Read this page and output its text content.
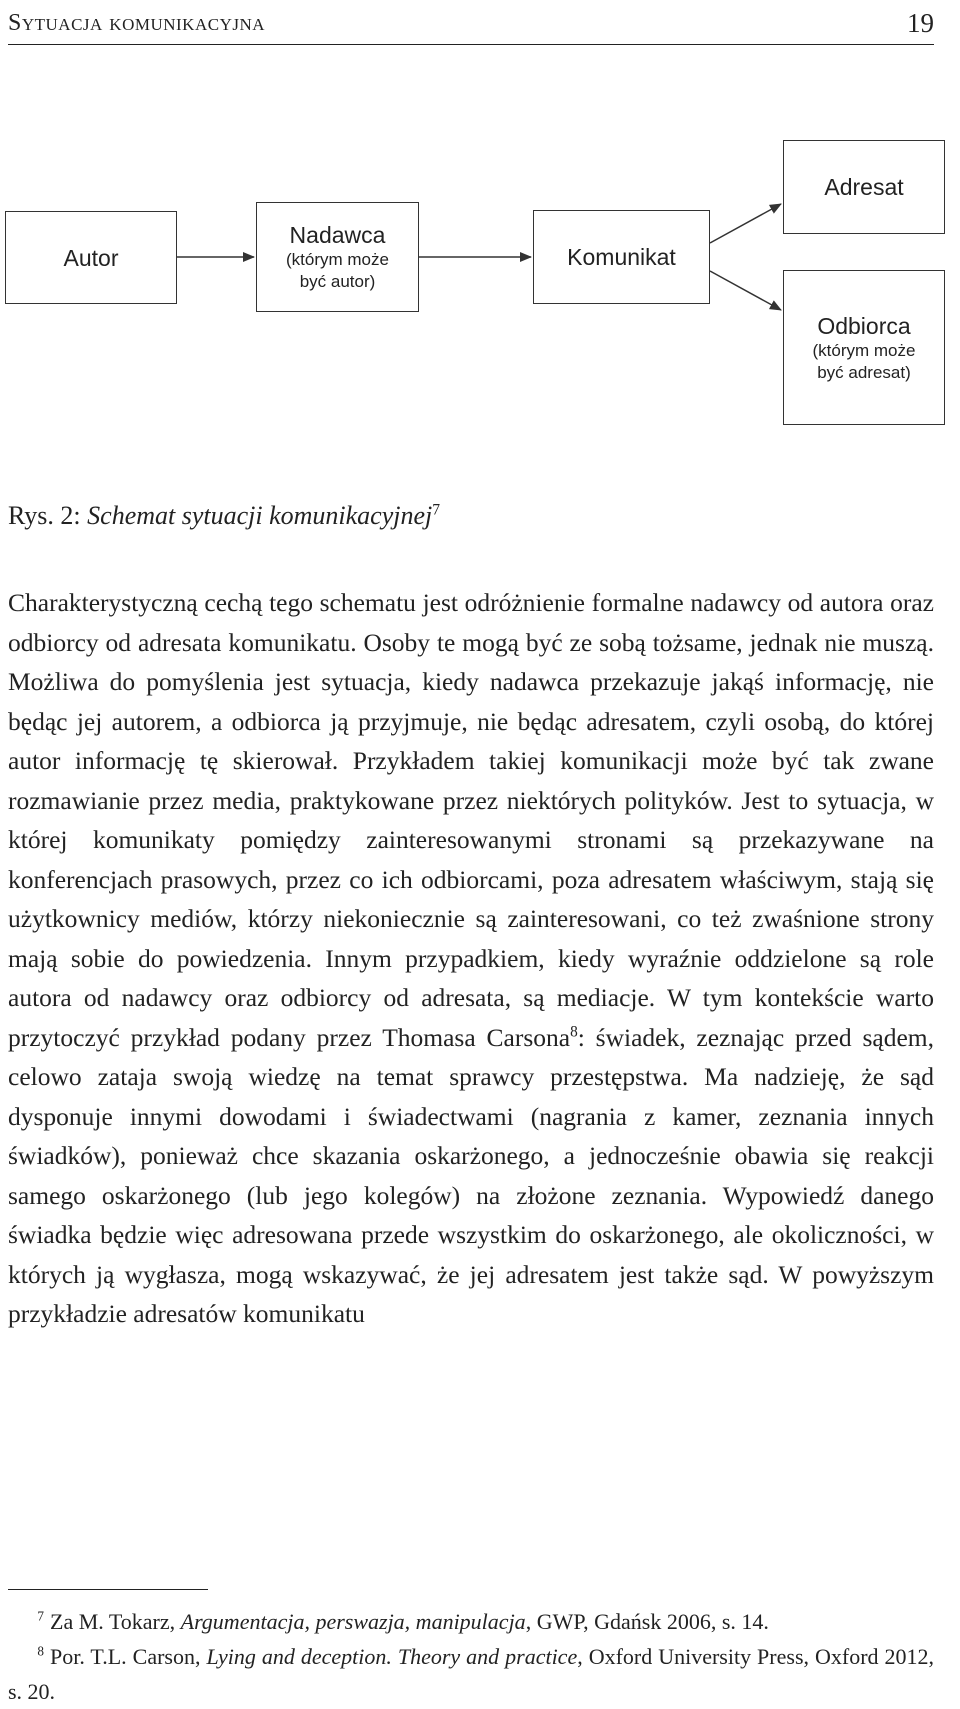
Sytuacja komunikacyjna	19
Autor
Nadawca
(którym może
być autor)
Komunikat
Adresat
Odbiorca
(którym może
być adresat)
Rys. 2: Schemat sytuacji komunikacyjnej$^7$

Charakterystyczną cechą tego schematu jest odróżnienie formalne nadawcy od autora oraz odbiorcy od adresata komunikatu. Osoby te mogą być ze sobą tożsame, jednak nie muszą. Możliwa do pomyślenia jest sytuacja, kiedy nadawca przekazuje jakąś informację, nie będąc jej autorem, a odbiorca ją przyjmuje, nie będąc adresatem, czyli osobą, do której autor informację tę skierował. Przykładem takiej komunikacji może być tak zwane rozmawianie przez media, praktykowane przez niektórych polityków. Jest to sytuacja, w której komunikaty pomiędzy zainteresowanymi stronami są przekazywane na konferencjach prasowych, przez co ich odbiorcami, poza adresatem właściwym, stają się użytkownicy mediów, którzy niekoniecznie są zainteresowani, co też zwaśnione strony mają sobie do powiedzenia. Innym przypadkiem, kiedy wyraźnie oddzielone są role autora od nadawcy oraz odbiorcy od adresata, są mediacje. W tym kontekście warto przytoczyć przykład podany przez Thomasa Carsona$^8$: świadek, zeznając przed sądem, celowo zataja swoją wiedzę na temat sprawcy przestępstwa. Ma nadzieję, że sąd dysponuje innymi dowodami i świadectwami (nagrania z kamer, zeznania innych świadków), ponieważ chce skazania oskarżonego, a jednocześnie obawia się reakcji samego oskarżonego (lub jego kolegów) na złożone zeznania. Wypowiedź danego świadka będzie więc adresowana przede wszystkim do oskarżonego, ale okoliczności, w których ją wygłasza, mogą wskazywać, że jej adresatem jest także sąd. W powyższym przykładzie adresatów komunikatu

$^7$ Za M. Tokarz, Argumentacja, perswazja, manipulacja, GWP, Gdańsk 2006, s. 14.
$^8$ Por. T.L. Carson, Lying and deception. Theory and practice, Oxford University Press, Oxford 2012, s. 20.
